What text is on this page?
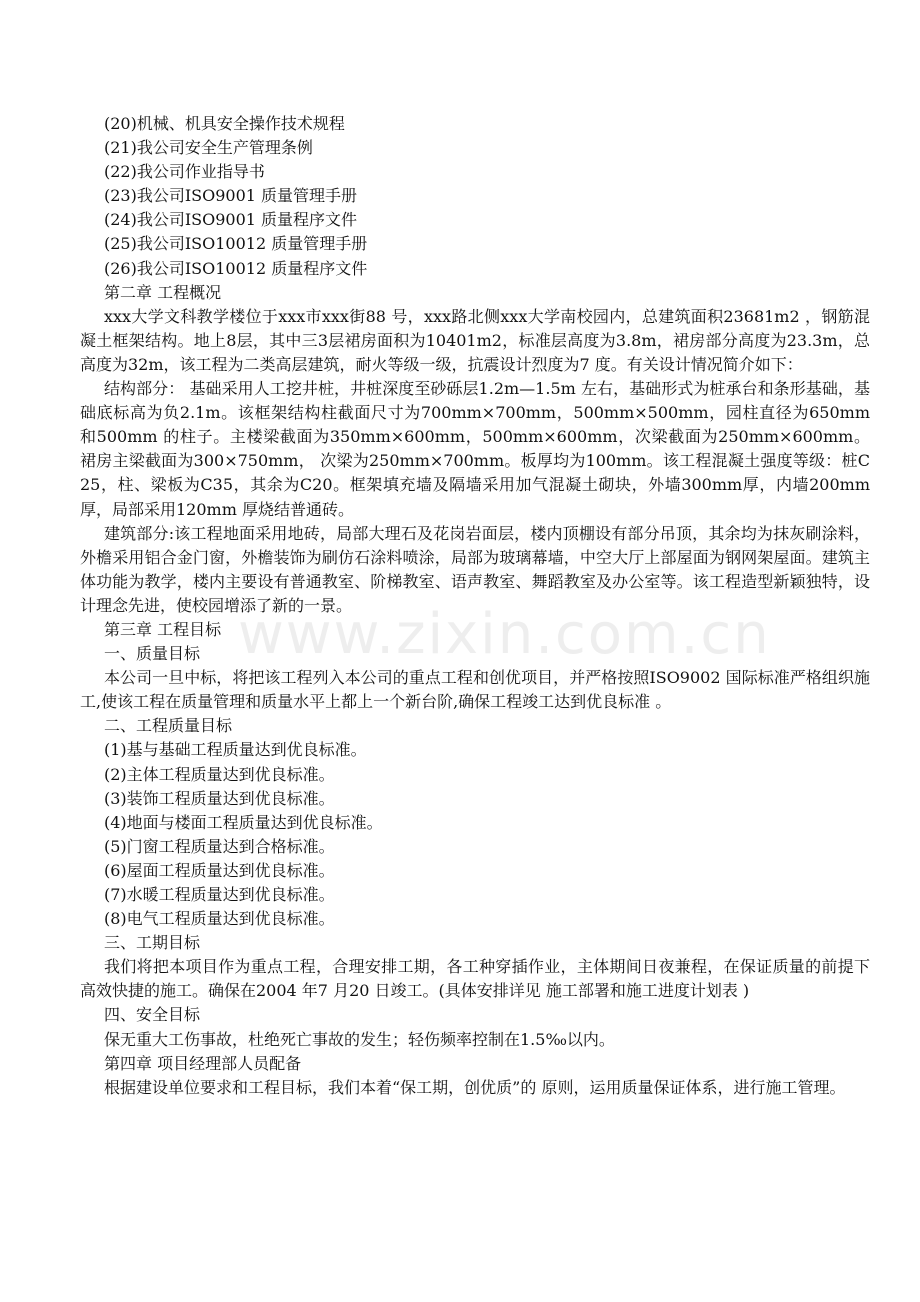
www.zixin.com.cn

(20)机械、机具安全操作技术规程

(21)我公司安全生产管理条例

(22)我公司作业指导书

(23)我公司ISO9001 质量管理手册

(24)我公司ISO9001 质量程序文件

(25)我公司ISO10012 质量管理手册

(26)我公司ISO10012 质量程序文件

第二章 工程概况

xxx大学文科教学楼位于xxx市xxx街88 号，xxx路北侧xxx大学南校园内，总建筑面积23681m2 ，钢筋混凝土框架结构。地上8层，其中三3层裙房面积为10401m2，标准层高度为3.8m，裙房部分高度为23.3m，总高度为32m，该工程为二类高层建筑，耐火等级一级，抗震设计烈度为7 度。有关设计情况简介如下：

结构部分： 基础采用人工挖井桩，井桩深度至砂砾层1.2m—1.5m 左右，基础形式为桩承台和条形基础，基础底标高为负2.1m。该框架结构柱截面尺寸为700mm×700mm，500mm×500mm，园柱直径为650mm 和500mm 的柱子。主楼梁截面为350mm×600mm，500mm×600mm，次梁截面为250mm×600mm。裙房主梁截面为300×750mm， 次梁为250mm×700mm。板厚均为100mm。该工程混凝土强度等级：桩C25，柱、梁板为C35，其余为C20。框架填充墙及隔墙采用加气混凝土砌块，外墙300mm厚，内墙200mm厚，局部采用120mm 厚烧结普通砖。

建筑部分:该工程地面采用地砖，局部大理石及花岗岩面层，楼内顶棚设有部分吊顶，其余均为抹灰刷涂料，外檐采用铝合金门窗，外檐装饰为刷仿石涂料喷涂，局部为玻璃幕墙，中空大厅上部屋面为钢网架屋面。建筑主体功能为教学，楼内主要设有普通教室、阶梯教室、语声教室、舞蹈教室及办公室等。该工程造型新颖独特，设计理念先进，使校园增添了新的一景。

第三章 工程目标

一、质量目标

本公司一旦中标，将把该工程列入本公司的重点工程和创优项目，并严格按照ISO9002 国际标准严格组织施工,使该工程在质量管理和质量水平上都上一个新台阶,确保工程竣工达到优良标准 。

二、工程质量目标

(1)基与基础工程质量达到优良标准。

(2)主体工程质量达到优良标准。

(3)装饰工程质量达到优良标准。

(4)地面与楼面工程质量达到优良标准。

(5)门窗工程质量达到合格标准。

(6)屋面工程质量达到优良标准。

(7)水暖工程质量达到优良标准。

(8)电气工程质量达到优良标准。

三、工期目标

我们将把本项目作为重点工程，合理安排工期，各工种穿插作业，主体期间日夜兼程，在保证质量的前提下高效快捷的施工。确保在2004 年7 月20 日竣工。(具体安排详见 施工部署和施工进度计划表 )

四、安全目标

保无重大工伤事故，杜绝死亡事故的发生；轻伤频率控制在1.5‰以内。

第四章 项目经理部人员配备

根据建设单位要求和工程目标，我们本着“保工期，创优质”的 原则，运用质量保证体系，进行施工管理。
